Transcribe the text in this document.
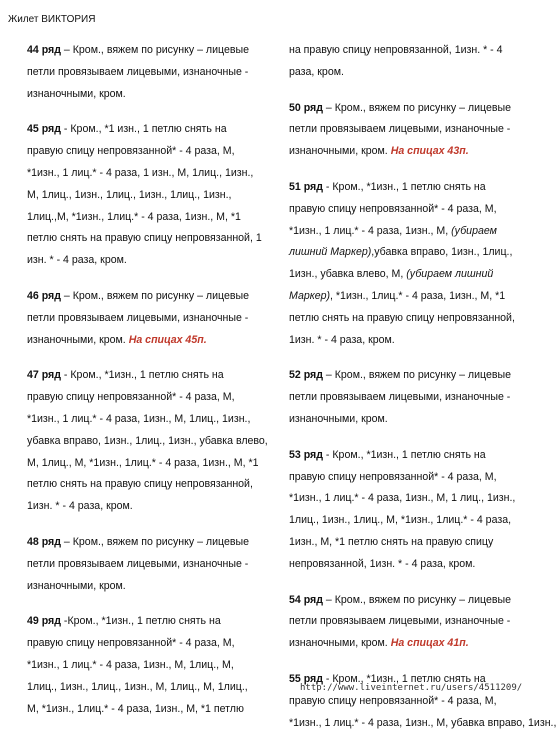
Жилет ВИКТОРИЯ
44 ряд – Кром., вяжем по рисунку – лицевые
петли провязываем лицевыми, изнаночные -
изнаночными, кром.
45 ряд - Кром., *1 изн., 1 петлю снять на
правую спицу непровязанной* - 4 раза, М,
*1изн., 1 лиц.* - 4 раза, 1 изн., М, 1лиц., 1изн.,
М, 1лиц., 1изн., 1лиц., 1изн., 1лиц., 1изн.,
1лиц.,М, *1изн., 1лиц.* - 4 раза, 1изн., М, *1
петлю снять на правую спицу непровязанной, 1
изн. * - 4 раза, кром.
46 ряд – Кром., вяжем по рисунку – лицевые
петли провязываем лицевыми, изнаночные -
изнаночными, кром. На спицах 45п.
47 ряд - Кром., *1изн., 1 петлю снять на
правую спицу непровязанной* - 4 раза, М,
*1изн., 1 лиц.* - 4 раза, 1изн., М, 1лиц., 1изн.,
убавка вправо, 1изн., 1лиц., 1изн., убавка влево,
М, 1лиц., М, *1изн., 1лиц.* - 4 раза, 1изн., М, *1
петлю снять на правую спицу непровязанной,
1изн. * - 4 раза, кром.
48 ряд – Кром., вяжем по рисунку – лицевые
петли провязываем лицевыми, изнаночные -
изнаночными, кром.
49 ряд -Кром., *1изн., 1 петлю снять на
правую спицу непровязанной* - 4 раза, М,
*1изн., 1 лиц.* - 4 раза, 1изн., М, 1лиц., М,
1лиц., 1изн., 1лиц., 1изн., М, 1лиц., М, 1лиц.,
М, *1изн., 1лиц.* - 4 раза, 1изн., М, *1 петлю
на правую спицу непровязанной, 1изн. * - 4
раза, кром.
50 ряд – Кром., вяжем по рисунку – лицевые
петли провязываем лицевыми, изнаночные -
изнаночными, кром. На спицах 43п.
51 ряд - Кром., *1изн., 1 петлю снять на
правую спицу непровязанной* - 4 раза, М,
*1изн., 1 лиц.* - 4 раза, 1изн., М, (убираем
лишний Маркер),убавка вправо, 1изн., 1лиц.,
1изн., убавка влево, М, (убираем лишний
Маркер), *1изн., 1лиц.* - 4 раза, 1изн., М, *1
петлю снять на правую спицу непровязанной,
1изн. * - 4 раза, кром.
52 ряд – Кром., вяжем по рисунку – лицевые
петли провязываем лицевыми, изнаночные -
изнаночными, кром.
53 ряд - Кром., *1изн., 1 петлю снять на
правую спицу непровязанной* - 4 раза, М,
*1изн., 1 лиц.* - 4 раза, 1изн., М, 1 лиц., 1изн.,
1лиц., 1изн., 1лиц., М, *1изн., 1лиц.* - 4 раза,
1изн., М, *1 петлю снять на правую спицу
непровязанной, 1изн. * - 4 раза, кром.
54 ряд – Кром., вяжем по рисунку – лицевые
петли провязываем лицевыми, изнаночные -
изнаночными, кром. На спицах 41п.
55 ряд - Кром., *1изн., 1 петлю снять на
правую спицу непровязанной* - 4 раза, М,
*1изн., 1 лиц.* - 4 раза, 1изн., М, убавка вправо, 1изн.,
http://www.liveinternet.ru/users/4511209/
